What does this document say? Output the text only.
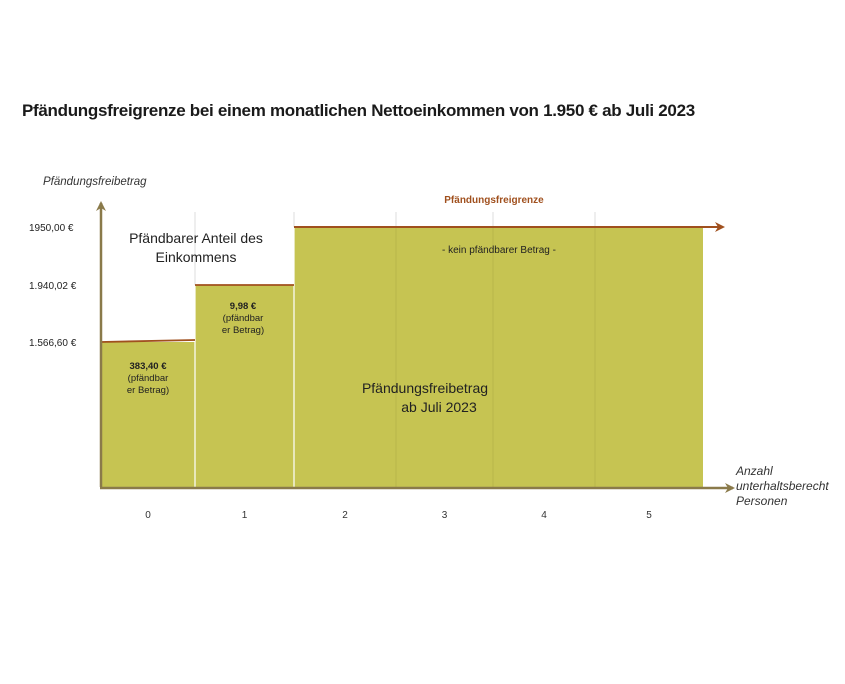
Pfändungsfreigrenze bei einem monatlichen Nettoeinkommen von 1.950 € ab Juli 2023
0	1	2	3	4	5
1.566,60 €
1.940,02 €
1950,00 €
Pfändungsfreibetrag
Anzahl
unterhaltsberecht
Personen
Pfändungsfreigrenze
Pfändbarer Anteil des
Einkommens	- kein pfändbarer Betrag -
Pfändungsfreibetrag
ab Juli 2023
383,40 €
(pfändbar
er Betrag)
9,98 €
(pfändbar
er Betrag)
